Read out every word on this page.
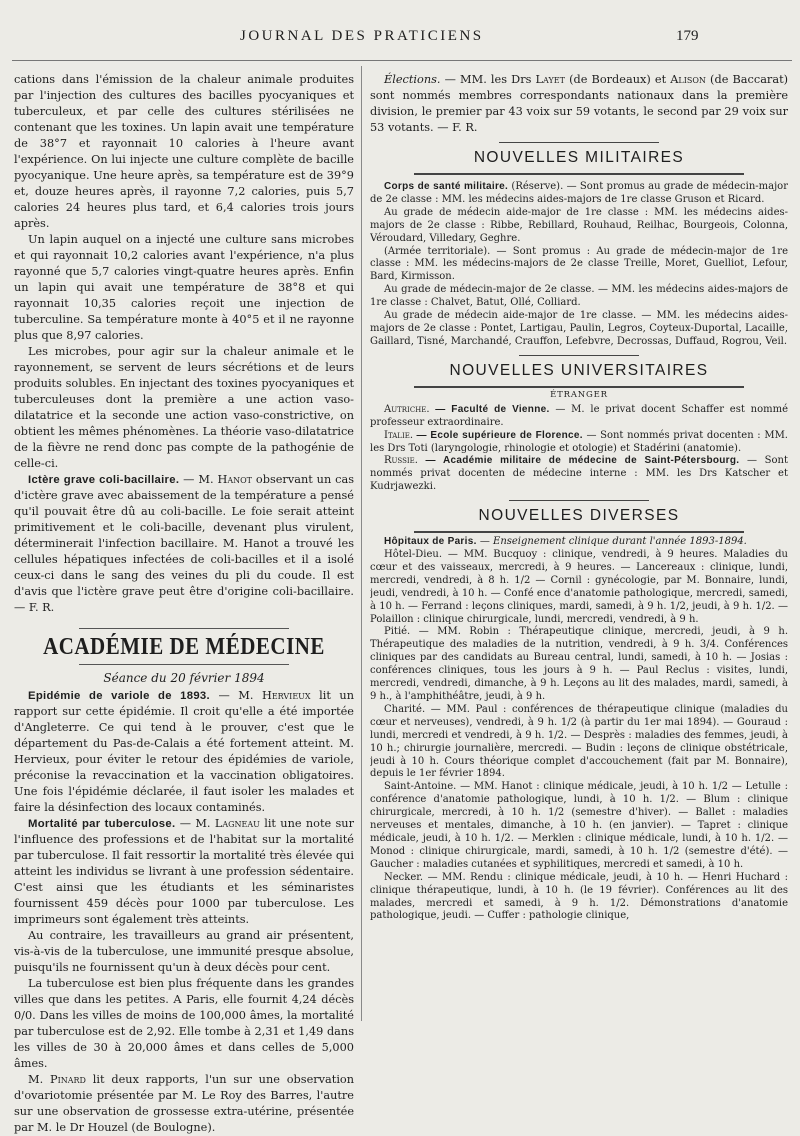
JOURNAL DES PRATICIENS	179

cations dans l'émission de la chaleur animale produites par l'injection des cultures des bacilles pyocyaniques et tuberculeux, et par celle des cultures stérilisées ne contenant que les toxines. Un lapin avait une température de 38°7 et rayonnait 10 calories à l'heure avant l'expérience. On lui injecte une culture complète de bacille pyocyanique. Une heure après, sa température est de 39°9 et, douze heures après, il rayonne 7,2 calories, puis 5,7 calories 24 heures plus tard, et 6,4 calories trois jours après.

Un lapin auquel on a injecté une culture sans microbes et qui rayonnait 10,2 calories avant l'expérience, n'a plus rayonné que 5,7 calories vingt-quatre heures après. Enfin un lapin qui avait une température de 38°8 et qui rayonnait 10,35 calories reçoit une injection de tuberculine. Sa température monte à 40°5 et il ne rayonne plus que 8,97 calories.

Les microbes, pour agir sur la chaleur animale et le rayonnement, se servent de leurs sécrétions et de leurs produits solubles. En injectant des toxines pyocyaniques et tuberculeuses dont la première a une action vaso-dilatatrice et la seconde une action vaso-constrictive, on obtient les mêmes phénomènes. La théorie vaso-dilatatrice de la fièvre ne rend donc pas compte de la pathogénie de celle-ci.

Ictère grave coli-bacillaire. — M. Hanot observant un cas d'ictère grave avec abaissement de la température a pensé qu'il pouvait être dû au coli-bacille. Le foie serait atteint primitivement et le coli-bacille, devenant plus virulent, déterminerait l'infection bacillaire. M. Hanot a trouvé les cellules hépatiques infectées de coli-bacilles et il a isolé ceux-ci dans le sang des veines du pli du coude. Il est d'avis que l'ictère grave peut être d'origine coli-bacillaire. — F. R.

ACADÉMIE DE MÉDECINE
Séance du 20 février 1894

Epidémie de variole de 1893. — M. Hervieux lit un rapport sur cette épidémie. Il croit qu'elle a été importée d'Angleterre. Ce qui tend à le prouver, c'est que le département du Pas-de-Calais a été fortement atteint. M. Hervieux, pour éviter le retour des épidémies de variole, préconise la revaccination et la vaccination obligatoires. Une fois l'épidémie déclarée, il faut isoler les malades et faire la désinfection des locaux contaminés.

Mortalité par tuberculose. — M. Lagneau lit une note sur l'influence des professions et de l'habitat sur la mortalité par tuberculose. Il fait ressortir la mortalité très élevée qui atteint les individus se livrant à une profession sédentaire. C'est ainsi que les étudiants et les séminaristes fournissent 459 décès pour 1000 par tuberculose. Les imprimeurs sont également très atteints.

Au contraire, les travailleurs au grand air présentent, vis-à-vis de la tuberculose, une immunité presque absolue, puisqu'ils ne fournissent qu'un à deux décès pour cent.

La tuberculose est bien plus fréquente dans les grandes villes que dans les petites. A Paris, elle fournit 4,24 décès 0/0. Dans les villes de moins de 100,000 âmes, la mortalité par tuberculose est de 2,92. Elle tombe à 2,31 et 1,49 dans les villes de 30 à 20,000 âmes et dans celles de 5,000 âmes.

M. Pinard lit deux rapports, l'un sur une observation d'ovariotomie présentée par M. Le Roy des Barres, l'autre sur une observation de grossesse extra-utérine, présentée par M. le Dr Houzel (de Boulogne).

Élections. — MM. les Drs Layet (de Bordeaux) et Alison (de Baccarat) sont nommés membres correspondants nationaux dans la première division, le premier par 43 voix sur 59 votants, le second par 29 voix sur 53 votants. — F. R.

NOUVELLES MILITAIRES

Corps de santé militaire. (Réserve). — Sont promus au grade de médecin-major de 2e classe : MM. les médecins aides-majors de 1re classe Gruson et Ricard.

Au grade de médecin aide-major de 1re classe : MM. les médecins aides-majors de 2e classe : Ribbe, Rebillard, Rouhaud, Reilhac, Bourgeois, Colonna, Véroudard, Villedary, Geghre.

(Armée territoriale). — Sont promus : Au grade de médecin-major de 1re classe : MM. les médecins-majors de 2e classe Treille, Moret, Guelliot, Lefour, Bard, Kirmisson.

Au grade de médecin-major de 2e classe. — MM. les médecins aides-majors de 1re classe : Chalvet, Batut, Ollé, Colliard.

Au grade de médecin aide-major de 1re classe. — MM. les médecins aides-majors de 2e classe : Pontet, Lartigau, Paulin, Legros, Coyteux-Duportal, Lacaille, Gaillard, Tisné, Marchandé, Crauffon, Lefebvre, Decrossas, Duffaud, Rogrou, Veil.

NOUVELLES UNIVERSITAIRES
ÉTRANGER

Autriche. — Faculté de Vienne. — M. le privat docent Schaffer est nommé professeur extraordinaire.

Italie. — Ecole supérieure de Florence. — Sont nommés privat docenten : MM. les Drs Toti (laryngologie, rhinologie et otologie) et Stadérini (anatomie).

Russie. — Académie militaire de médecine de Saint-Pétersbourg. — Sont nommés privat docenten de médecine interne : MM. les Drs Katscher et Kudrjawezki.

NOUVELLES DIVERSES

Hôpitaux de Paris. — Enseignement clinique durant l'année 1893-1894.

Hôtel-Dieu. — MM. Bucquoy : clinique, vendredi, à 9 heures. Maladies du cœur et des vaisseaux, mercredi, à 9 heures. — Lancereaux : clinique, lundi, mercredi, vendredi, à 8 h. 1/2 — Cornil : gynécologie, par M. Bonnaire, lundi, jeudi, vendredi, à 10 h. — Confé ence d'anatomie pathologique, mercredi, samedi, à 10 h. — Ferrand : leçons cliniques, mardi, samedi, à 9 h. 1/2, jeudi, à 9 h. 1/2. — Polaillon : clinique chirurgicale, lundi, mercredi, vendredi, à 9 h.

Pitié. — MM. Robin : Thérapeutique clinique, mercredi, jeudi, à 9 h. Thérapeutique des maladies de la nutrition, vendredi, à 9 h. 3/4. Conférences cliniques par des candidats au Bureau central, lundi, samedi, à 10 h. — Josias : conférences cliniques, tous les jours à 9 h. — Paul Reclus : visites, lundi, mercredi, vendredi, dimanche, à 9 h. Leçons au lit des malades, mardi, samedi, à 9 h., à l'amphithéâtre, jeudi, à 9 h.

Charité. — MM. Paul : conférences de thérapeutique clinique (maladies du cœur et nerveuses), vendredi, à 9 h. 1/2 (à partir du 1er mai 1894). — Gouraud : lundi, mercredi et vendredi, à 9 h. 1/2. — Desprès : maladies des femmes, jeudi, à 10 h.; chirurgie journalière, mercredi. — Budin : leçons de clinique obstétricale, jeudi à 10 h. Cours théorique complet d'accouchement (fait par M. Bonnaire), depuis le 1er février 1894.

Saint-Antoine. — MM. Hanot : clinique médicale, jeudi, à 10 h. 1/2 — Letulle : conférence d'anatomie pathologique, lundi, à 10 h. 1/2. — Blum : clinique chirurgicale, mercredi, à 10 h. 1/2 (semestre d'hiver). — Ballet : maladies nerveuses et mentales, dimanche, à 10 h. (en janvier). — Tapret : clinique médicale, jeudi, à 10 h. 1/2. — Merklen : clinique médicale, lundi, à 10 h. 1/2. — Monod : clinique chirurgicale, mardi, samedi, à 10 h. 1/2 (semestre d'été). — Gaucher : maladies cutanées et syphilitiques, mercredi et samedi, à 10 h.

Necker. — MM. Rendu : clinique médicale, jeudi, à 10 h. — Henri Huchard : clinique thérapeutique, lundi, à 10 h. (le 19 février). Conférences au lit des malades, mercredi et samedi, à 9 h. 1/2. Démonstrations d'anatomie pathologique, jeudi. — Cuffer : pathologie clinique,
